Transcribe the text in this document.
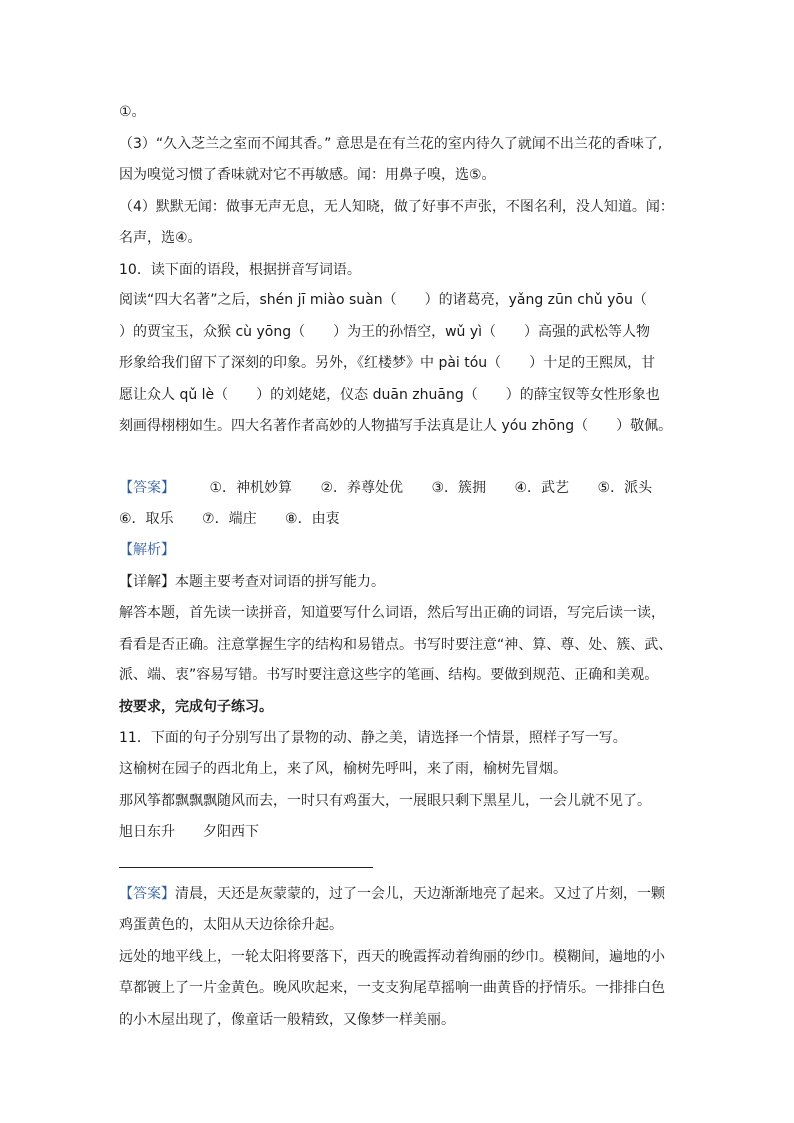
①。
（3）“久入芝兰之室而不闻其香。” 意思是在有兰花的室内待久了就闻不出兰花的香味了,
因为嗅觉习惯了香味就对它不再敏感。闻：用鼻子嗅，选⑤。
（4）默默无闻：做事无声无息，无人知晓，做了好事不声张，不图名利，没人知道。闻：
名声，选④。
10．读下面的语段，根据拼音写词语。
阅读“四大名著”之后，shén jī miào suàn（　　）的诸葛亮，yǎng zūn chǔ yōu（
）的贾宝玉，众猴 cù yōng（　　）为王的孙悟空，wǔ yì（　　）高强的武松等人物
形象给我们留下了深刻的印象。另外，《红楼梦》中 pài tóu（　　）十足的王熙凤，甘
愿让众人 qǔ lè（　　）的刘姥姥，仪态 duān zhuāng（　　）的薛宝钗等女性形象也
刻画得栩栩如生。四大名著作者高妙的人物描写手法真是让人 yóu zhōng（　　）敬佩。
【答案】 ①．神机妙算 ②．养尊处优 ③．簇拥 ④．武艺 ⑤．派头
⑥．取乐 ⑦．端庄 ⑧．由衷
【解析】
【详解】本题主要考查对词语的拼写能力。
解答本题，首先读一读拼音，知道要写什么词语，然后写出正确的词语，写完后读一读，
看看是否正确。注意掌握生字的结构和易错点。书写时要注意“神、算、尊、处、簇、武、
派、端、衷”容易写错。书写时要注意这些字的笔画、结构。要做到规范、正确和美观。
按要求，完成句子练习。
11．下面的句子分别写出了景物的动、静之美，请选择一个情景，照样子写一写。
这榆树在园子的西北角上，来了风，榆树先呼叫，来了雨，榆树先冒烟。
那风筝都飘飘飘随风而去，一时只有鸡蛋大，一展眼只剩下黑星儿，一会儿就不见了。
旭日东升 夕阳西下
【答案】清晨，天还是灰蒙蒙的，过了一会儿，天边渐渐地亮了起来。又过了片刻，一颗
鸡蛋黄色的，太阳从天边徐徐升起。
远处的地平线上，一轮太阳将要落下，西天的晚霞挥动着绚丽的纱巾。模糊间，遍地的小
草都镀上了一片金黄色。晚风吹起来，一支支狗尾草摇响一曲黄昏的抒情乐。一排排白色
的小木屋出现了，像童话一般精致，又像梦一样美丽。
